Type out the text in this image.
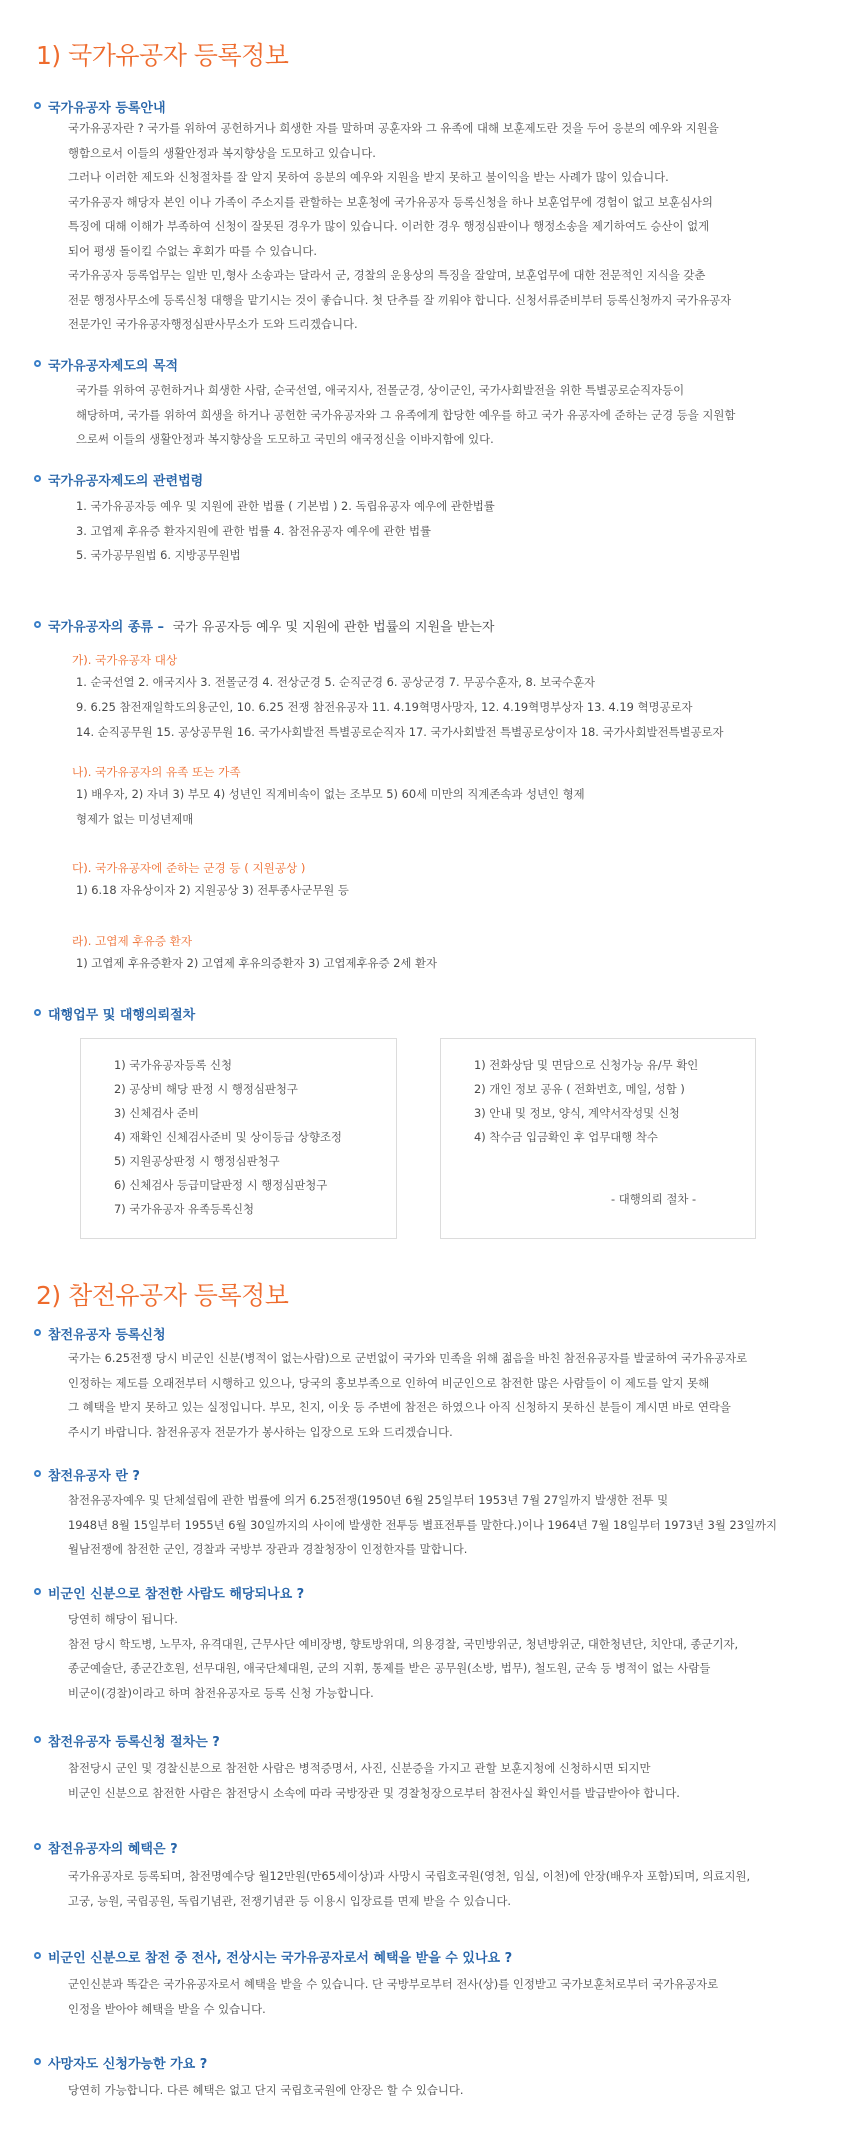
1) 국가유공자 등록정보
국가유공자 등록안내
국가유공자란 ? 국가를 위하여 공헌하거나 희생한 자를 말하며 공훈자와 그 유족에 대해 보훈제도란 것을 두어 응분의 예우와 지원을
행함으로서 이들의 생활안정과 복지향상을 도모하고 있습니다.
그러나 이러한 제도와 신청절차를 잘 알지 못하여 응분의 예우와 지원을 받지 못하고 불이익을 받는 사례가 많이 있습니다.
국가유공자 해당자 본인 이나 가족이 주소지를 관할하는 보훈청에 국가유공자 등록신청을 하나 보훈업무에 경험이 없고 보훈심사의
특징에 대해 이해가 부족하여 신청이 잘못된 경우가 많이 있습니다. 이러한 경우 행정심판이나 행정소송을 제기하여도 승산이 없게
되어 평생 돌이킬 수없는 후회가 따를 수 있습니다.
국가유공자 등록업무는 일반 민,형사 소송과는 달라서 군, 경찰의 운용상의 특징을 잘알며, 보훈업무에 대한 전문적인 지식을 갖춘
전문 행정사무소에 등록신청 대행을 맡기시는 것이 좋습니다. 첫 단추를 잘 끼워야 합니다. 신청서류준비부터 등록신청까지 국가유공자
전문가인 국가유공자행정심판사무소가 도와 드리겠습니다.
국가유공자제도의 목적
국가를 위하여 공헌하거나 희생한 사람, 순국선열, 애국지사, 전몰군경, 상이군인, 국가사회발전을 위한 특별공로순직자등이
해당하며, 국가를 위하여 희생을 하거나 공헌한 국가유공자와 그 유족에게 합당한 예우를 하고 국가 유공자에 준하는 군경 등을 지원함
으로써 이들의 생활안정과 복지향상을 도모하고 국민의 애국정신을 이바지함에 있다.
국가유공자제도의 관련법령
1. 국가유공자등 예우 및 지원에 관한 법률 ( 기본법 ) 2. 독립유공자 예우에 관한법률
3. 고엽제 후유증 환자지원에 관한 법률 4. 참전유공자 예우에 관한 법률
5. 국가공무원법 6. 지방공무원법
국가유공자의 종류 – 국가 유공자등 예우 및 지원에 관한 법률의 지원을 받는자
가). 국가유공자 대상
1. 순국선열 2. 애국지사 3. 전몰군경 4. 전상군경 5. 순직군경 6. 공상군경 7. 무공수훈자, 8. 보국수훈자
9. 6.25 참전재일학도의용군인, 10. 6.25 전쟁 참전유공자 11. 4.19혁명사망자, 12. 4.19혁명부상자 13. 4.19 혁명공로자
14. 순직공무원 15. 공상공무원 16. 국가사회발전 특별공로순직자 17. 국가사회발전 특별공로상이자 18. 국가사회발전특별공로자
나). 국가유공자의 유족 또는 가족
1) 배우자, 2) 자녀 3) 부모 4) 성년인 직계비속이 없는 조부모 5) 60세 미만의 직계존속과 성년인 형제
형제가 없는 미성년제매
다). 국가유공자에 준하는 군경 등 ( 지원공상 )
1) 6.18 자유상이자 2) 지원공상 3) 전투종사군무원 등
라). 고엽제 후유증 환자
1) 고엽제 후유증환자 2) 고엽제 후유의증환자 3) 고엽제후유증 2세 환자
대행업무 및 대행의뢰절차
1) 국가유공자등록 신청
2) 공상비 해당 판정 시 행정심판청구
3) 신체검사 준비
4) 재확인 신체검사준비 및 상이등급 상향조정
5) 지원공상판정 시 행정심판청구
6) 신체검사 등급미달판정 시 행정심판청구
7) 국가유공자 유족등록신청
1) 전화상담 및 면담으로 신청가능 유/무 확인
2) 개인 정보 공유 ( 전화번호, 메일, 성함 )
3) 안내 및 정보, 양식, 계약서작성및 신청
4) 착수금 입금확인 후 업무대행 착수
- 대행의뢰 절차 -
2) 참전유공자 등록정보
참전유공자 등록신청
국가는 6.25전쟁 당시 비군인 신분(병적이 없는사람)으로 군번없이 국가와 민족을 위해 젊음을 바친 참전유공자를 발굴하여 국가유공자로
인정하는 제도를 오래전부터 시행하고 있으나, 당국의 홍보부족으로 인하여 비군인으로 참전한 많은 사람들이 이 제도를 알지 못해
그 혜택을 받지 못하고 있는 실정입니다. 부모, 친지, 이웃 등 주변에 참전은 하였으나 아직 신청하지 못하신 분들이 계시면 바로 연락을
주시기 바랍니다. 참전유공자 전문가가 봉사하는 입장으로 도와 드리겠습니다.
참전유공자 란 ?
참전유공자예우 및 단체설립에 관한 법률에 의거 6.25전쟁(1950년 6월 25일부터 1953년 7월 27일까지 발생한 전투 및
1948년 8월 15일부터 1955년 6월 30일까지의 사이에 발생한 전투등 별표전투를 말한다.)이나 1964년 7월 18일부터 1973년 3월 23일까지
월남전쟁에 참전한 군인, 경찰과 국방부 장관과 경찰청장이 인정한자를 말합니다.
비군인 신분으로 참전한 사람도 해당되나요 ?
당연히 해당이 됩니다.
참전 당시 학도병, 노무자, 유격대원, 근무사단 예비장병, 향토방위대, 의용경찰, 국민방위군, 청년방위군, 대한청년단, 치안대, 종군기자,
종군예술단, 종군간호원, 선무대원, 애국단체대원, 군의 지휘, 통제를 받은 공무원(소방, 법무), 철도원, 군속 등 병적이 없는 사람들
비군이(경찰)이라고 하며 참전유공자로 등록 신청 가능합니다.
참전유공자 등록신청 절차는 ?
참전당시 군인 및 경찰신분으로 참전한 사람은 병적증명서, 사진, 신분증을 가지고 관할 보훈지청에 신청하시면 되지만
비군인 신분으로 참전한 사람은 참전당시 소속에 따라 국방장관 및 경찰청장으로부터 참전사실 확인서를 발급받아야 합니다.
참전유공자의 혜택은 ?
국가유공자로 등록되며, 참전명예수당 월12만원(만65세이상)과 사망시 국립호국원(영천, 임실, 이천)에 안장(배우자 포함)되며, 의료지원,
고궁, 능원, 국립공원, 독립기념관, 전쟁기념관 등 이용시 입장료를 면제 받을 수 있습니다.
비군인 신분으로 참전 중 전사, 전상시는 국가유공자로서 혜택을 받을 수 있나요 ?
군인신분과 똑같은 국가유공자로서 혜택을 받을 수 있습니다. 단 국방부로부터 전사(상)를 인정받고 국가보훈처로부터 국가유공자로
인정을 받아야 혜택을 받을 수 있습니다.
사망자도 신청가능한 가요 ?
당연히 가능합니다. 다른 혜택은 없고 단지 국립호국원에 안장은 할 수 있습니다.
